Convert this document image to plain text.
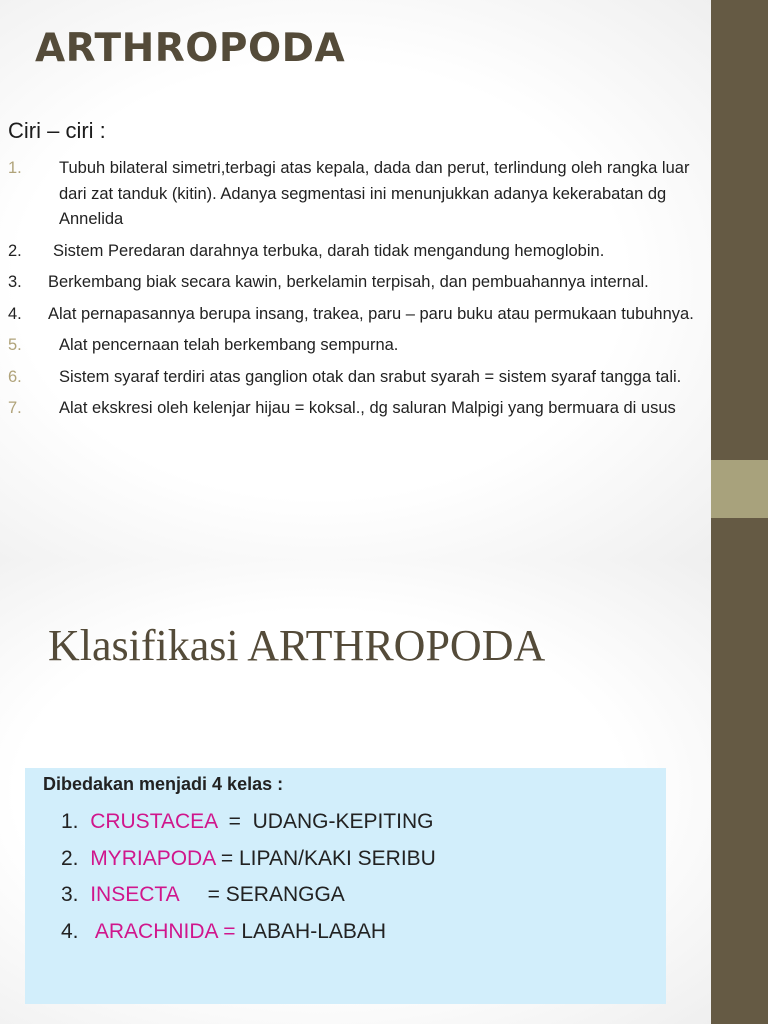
ARTHROPODA
Ciri – ciri :
1. Tubuh bilateral simetri,terbagi atas kepala, dada dan perut, terlindung oleh rangka luar dari zat tanduk (kitin). Adanya segmentasi ini menunjukkan adanya kekerabatan dg Annelida
2. Sistem Peredaran darahnya terbuka, darah tidak mengandung hemoglobin.
3. Berkembang biak secara kawin, berkelamin terpisah, dan pembuahannya internal.
4. Alat pernapasannya berupa insang, trakea, paru – paru buku atau permukaan tubuhnya.
5. Alat pencernaan telah berkembang sempurna.
6. Sistem syaraf terdiri atas ganglion otak dan srabut syarah = sistem syaraf tangga tali.
7. Alat ekskresi oleh kelenjar hijau = koksal., dg saluran Malpigi yang bermuara di usus
Klasifikasi ARTHROPODA
Dibedakan menjadi 4 kelas :
1. CRUSTACEA  =  UDANG-KEPITING
2. MYRIAPODA = LIPAN/KAKI SERIBU
3. INSECTA     = SERANGGA
4. ARACHNIDA = LABAH-LABAH
